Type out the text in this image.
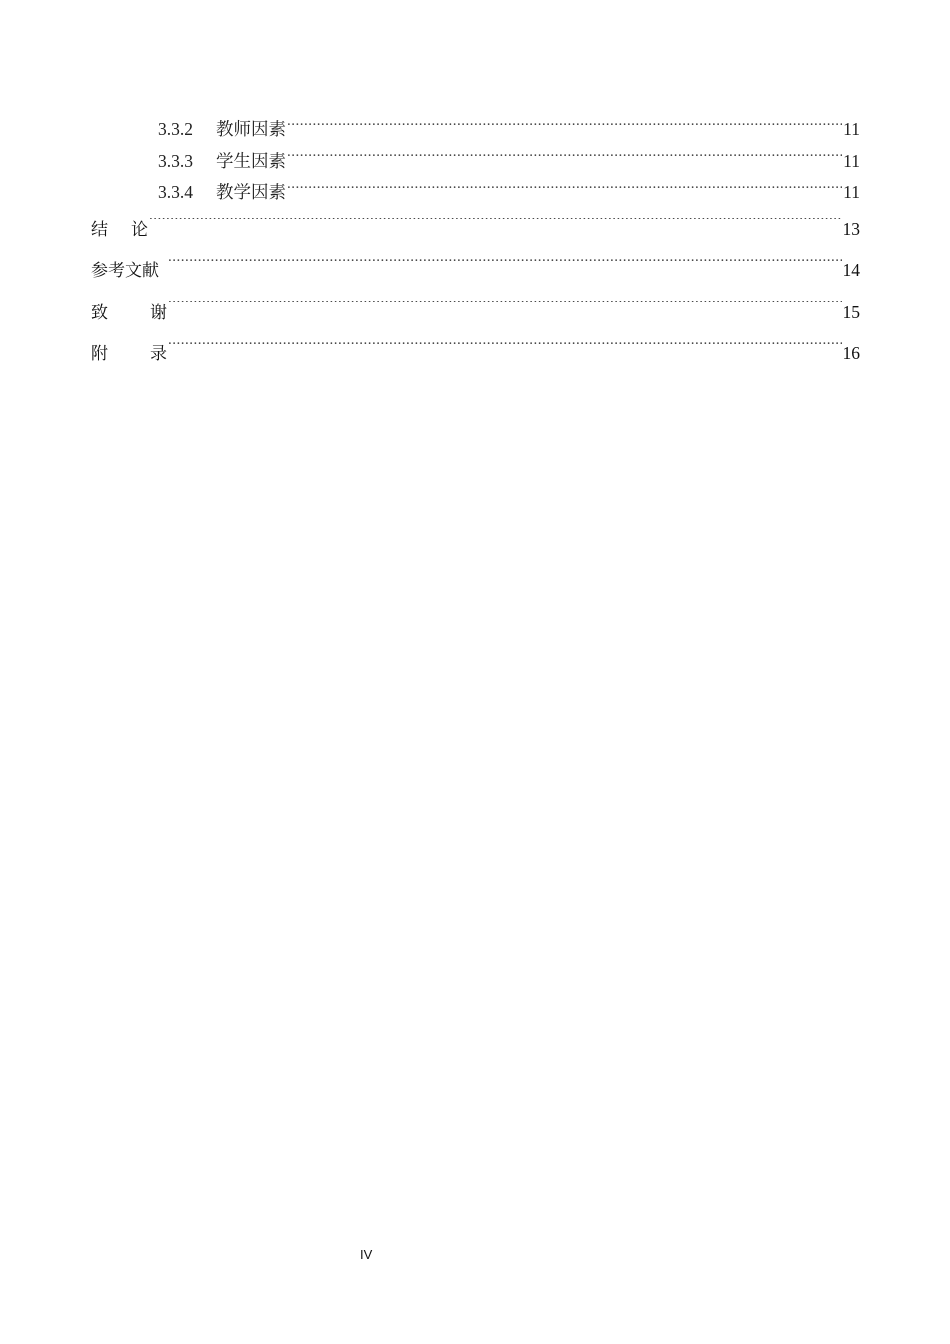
3.3.2	教师因素 .....	11
3.3.3	学生因素 .....	11
3.3.4	教学因素 .....	11
结 论 .....	13
参考文献 .....	14
致 谢 .....	15
附 录 .....	16
IV
